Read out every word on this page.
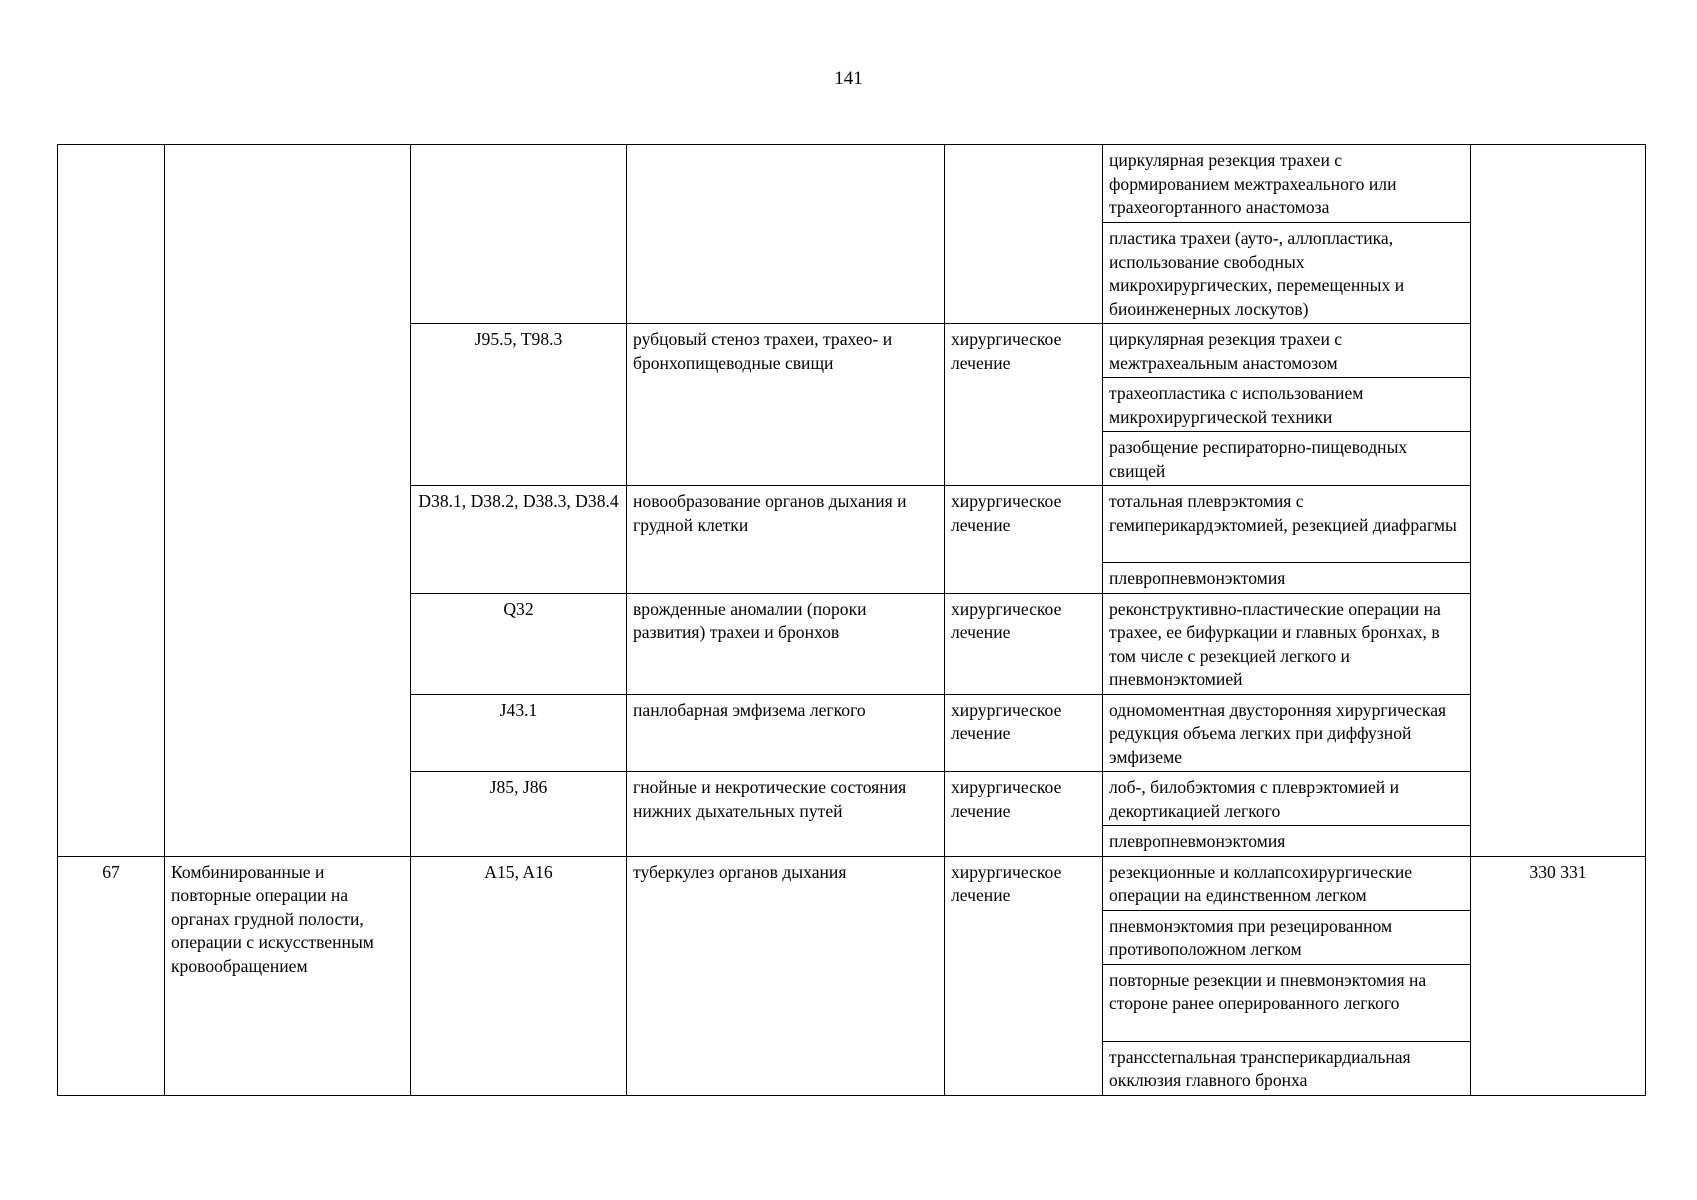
141
					циркулярная резекция трахеи с формированием межтрахеального или трахеогортанного анастомоза	
					пластика трахеи (ауто-, аллопластика, использование свободных микрохирургических, перемещенных и биоинженерных лоскутов)	
		J95.5, T98.3	рубцовый стеноз трахеи, трахео- и бронхопищеводные свищи	хирургическое лечение	циркулярная резекция трахеи с межтрахеальным анастомозом	
					трахеопластика с использованием микрохирургической техники	
					разобщение респираторно-пищеводных свищей	
		D38.1, D38.2, D38.3, D38.4	новообразование органов дыхания и грудной клетки	хирургическое лечение	тотальная плеврэктомия с гемиперикардэктомией, резекцией диафрагмы	
					плевропневмонэктомия	
		Q32	врожденные аномалии (пороки развития) трахеи и бронхов	хирургическое лечение	реконструктивно-пластические операции на трахее, ее бифуркации и главных бронхах, в том числе с резекцией легкого и пневмонэктомией	
		J43.1	панлобарная эмфизема легкого	хирургическое лечение	одномоментная двусторонняя хирургическая редукция объема легких при диффузной эмфиземе	
		J85, J86	гнойные и некротические состояния нижних дыхательных путей	хирургическое лечение	лоб-, билобэктомия с плеврэктомией и декортикацией легкого	
					плевропневмонэктомия	
67	Комбинированные и повторные операции на органах грудной полости, операции с искусственным кровообращением	A15, A16	туберкулез органов дыхания	хирургическое лечение	резекционные и коллапсохирургические операции на единственном легком	330 331
					пневмонэктомия при резецированном противоположном легком	
					повторные резекции и пневмонэктомия на стороне ранее оперированного легкого	
					транссternальная трансперикардиальная окклюзия главного бронха	
